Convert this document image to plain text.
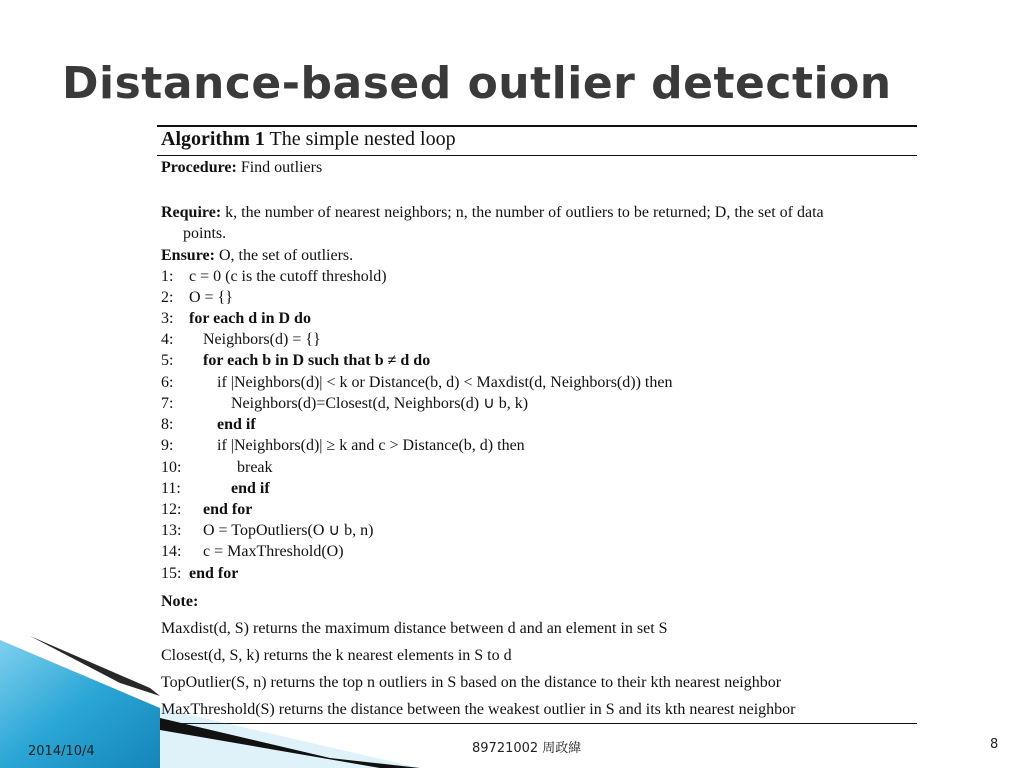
Distance-based outlier detection
Algorithm 1 The simple nested loop
Procedure: Find outliers
Require: k, the number of nearest neighbors; n, the number of outliers to be returned; D, the set of data
points.
Ensure: O, the set of outliers.
1: c = 0 (c is the cutoff threshold)
2: O = {}
3: for each d in D do
4: Neighbors(d) = {}
5: for each b in D such that b ≠ d do
6:	if |Neighbors(d)| < k or Distance(b, d) < Maxdist(d, Neighbors(d)) then
7:	Neighbors(d)=Closest(d, Neighbors(d) ∪ b, k)
8:	end if
9:	if |Neighbors(d)| ≥ k and c > Distance(b, d) then
10:	break
11:	end if
12: end for
13: O = TopOutliers(O ∪ b, n)
14: c = MaxThreshold(O)
15: end for
Note:
Maxdist(d, S) returns the maximum distance between d and an element in set S
Closest(d, S, k) returns the k nearest elements in S to d
TopOutlier(S, n) returns the top n outliers in S based on the distance to their kth nearest neighbor
MaxThreshold(S) returns the distance between the weakest outlier in S and its kth nearest neighbor
2014/10/4	89721002 周政緯	8
